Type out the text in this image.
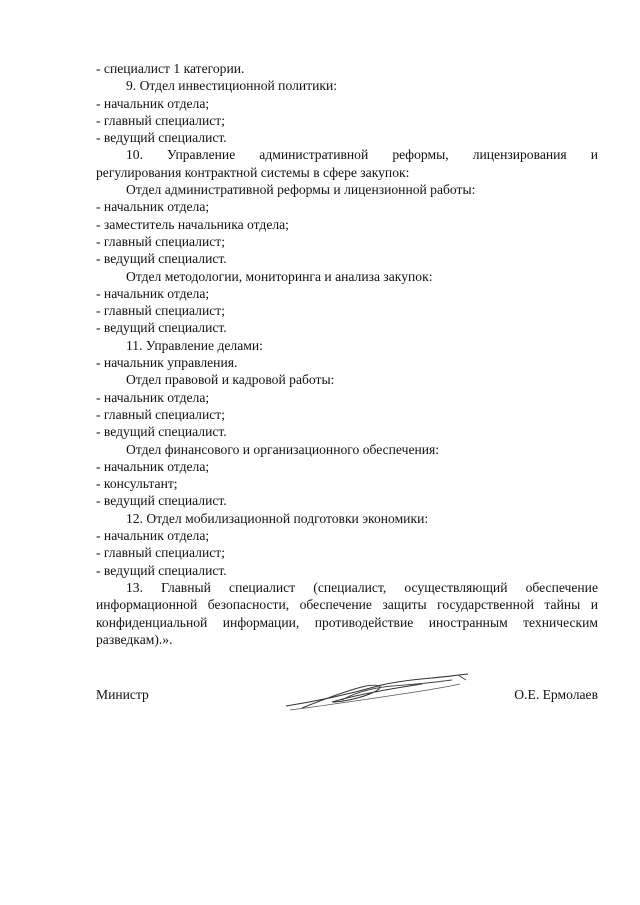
- специалист 1 категории.
9. Отдел инвестиционной политики:
- начальник отдела;
- главный специалист;
- ведущий специалист.
10. Управление административной реформы, лицензирования и
регулирования контрактной системы в сфере закупок:
Отдел административной реформы и лицензионной работы:
- начальник отдела;
- заместитель начальника отдела;
- главный специалист;
- ведущий специалист.
Отдел методологии, мониторинга и анализа закупок:
- начальник отдела;
- главный специалист;
- ведущий специалист.
11. Управление делами:
- начальник управления.
Отдел правовой и кадровой работы:
- начальник отдела;
- главный специалист;
- ведущий специалист.
Отдел финансового и организационного обеспечения:
- начальник отдела;
- консультант;
- ведущий специалист.
12. Отдел мобилизационной подготовки экономики:
- начальник отдела;
- главный специалист;
- ведущий специалист.

13. Главный специалист (специалист, осуществляющий обеспечение информационной безопасности, обеспечение защиты государственной тайны и конфиденциальной информации, противодействие иностранным техническим разведкам).».

Министр	О.Е. Ермолаев
